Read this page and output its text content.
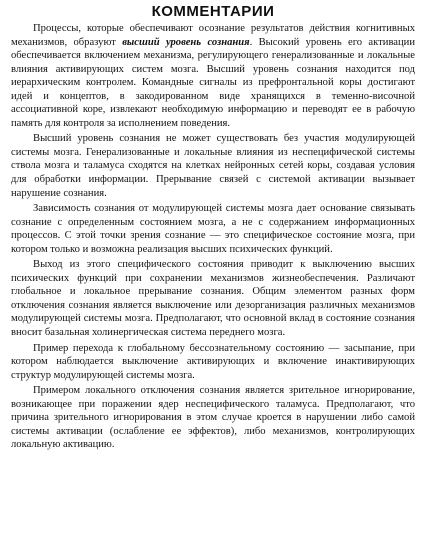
КОММЕНТАРИИ

Процессы, которые обеспечивают осознание результатов действия когнитивных механизмов, образуют высший уровень сознания. Высокий уровень его активации обеспечивается включением механизма, регулирующего генерализованные и локальные влияния активирующих систем мозга. Высший уровень сознания находится под иерархическим контролем. Командные сигналы из префронтальной коры достигают идей и концептов, в закодированном виде хранящихся в теменно-височной ассоциативной коре, извлекают необходимую информацию и переводят ее в рабочую память для контроля за исполнением поведения.

Высший уровень сознания не может существовать без участия модулирующей системы мозга. Генерализованные и локальные влияния из неспецифической системы ствола мозга и таламуса сходятся на клетках нейронных сетей коры, создавая условия для обработки информации. Прерывание связей с системой активации вызывает нарушение сознания.

Зависимость сознания от модулирующей системы мозга дает основание связывать сознание с определенным состоянием мозга, а не с содержанием информационных процессов. С этой точки зрения сознание — это специфическое состояние мозга, при котором только и возможна реализация высших психических функций.

Выход из этого специфического состояния приводит к выключению высших психических функций при сохранении механизмов жизнеобеспечения. Различают глобальное и локальное прерывание сознания. Общим элементом разных форм отключения сознания является выключение или дезорганизация различных механизмов модулирующей системы мозга. Предполагают, что основной вклад в состояние сознания вносит базальная холинергическая система переднего мозга.

Пример перехода к глобальному бессознательному состоянию — засыпание, при котором наблюдается выключение активирующих и включение инактивирующих структур модулирующей системы мозга.

Примером локального отключения сознания является зрительное игнорирование, возникающее при поражении ядер неспецифического таламуса. Предполагают, что причина зрительного игнорирования в этом случае кроется в нарушении либо самой системы активации (ослабление ее эффектов), либо механизмов, контролирующих локальную активацию.
